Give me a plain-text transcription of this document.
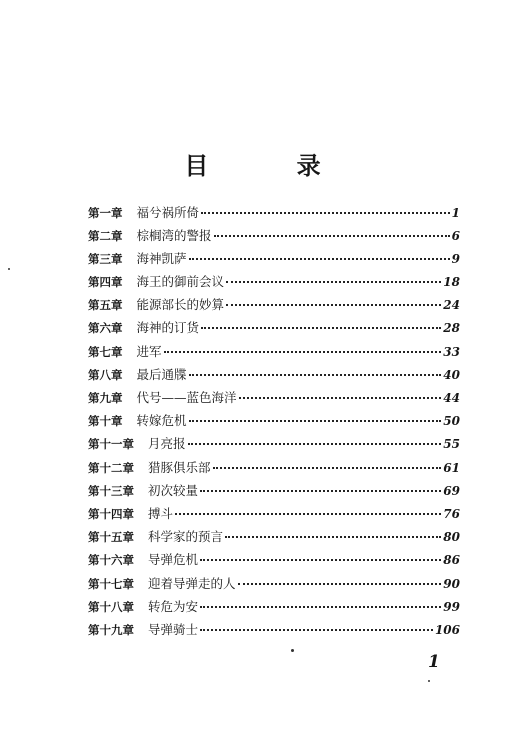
目 录
第一章 福兮祸所倚	1
第二章 棕榈湾的警报	6
第三章 海神凯萨	9
第四章 海王的御前会议	18
第五章 能源部长的妙算	24
第六章 海神的订货	28
第七章 进军	33
第八章 最后通牒	40
第九章 代号——蓝色海洋	44
第十章 转嫁危机	50
第十一章 月亮报	55
第十二章 猎豚俱乐部	61
第十三章 初次较量	69
第十四章 搏斗	76
第十五章 科学家的预言	80
第十六章 导弹危机	86
第十七章 迎着导弹走的人	90
第十八章 转危为安	99
第十九章 导弹骑士	106
1
